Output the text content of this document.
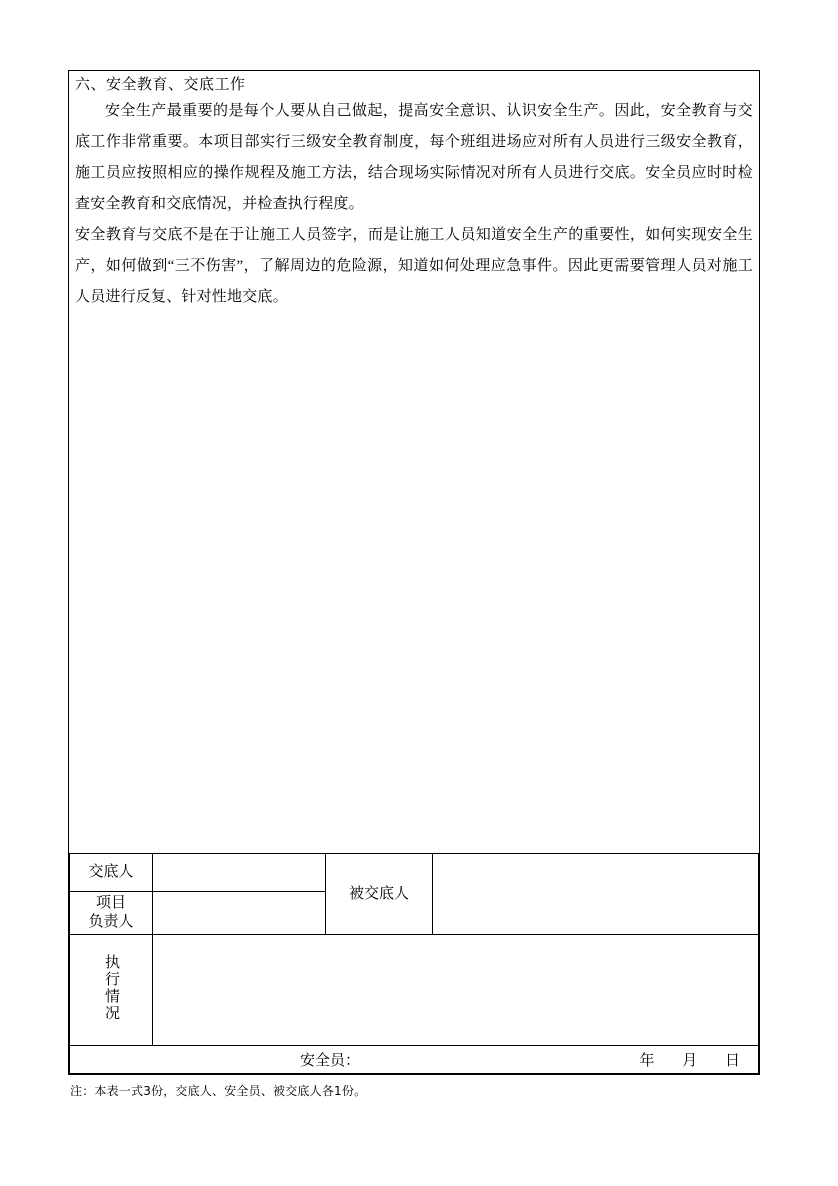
六、安全教育、交底工作

安全生产最重要的是每个人要从自己做起，提高安全意识、认识安全生产。因此，安全教育与交底工作非常重要。本项目部实行三级安全教育制度，每个班组进场应对所有人员进行三级安全教育，施工员应按照相应的操作规程及施工方法，结合现场实际情况对所有人员进行交底。安全员应时时检查安全教育和交底情况，并检查执行程度。

安全教育与交底不是在于让施工人员签字，而是让施工人员知道安全生产的重要性，如何实现安全生产，如何做到“三不伤害”，了解周边的危险源，知道如何处理应急事件。因此更需要管理人员对施工人员进行反复、针对性地交底。

交底人		被交底人	

项目
负责人			

执行情况			

安全员： 年 月 日			
注：本表一式3份，交底人、安全员、被交底人各1份。
